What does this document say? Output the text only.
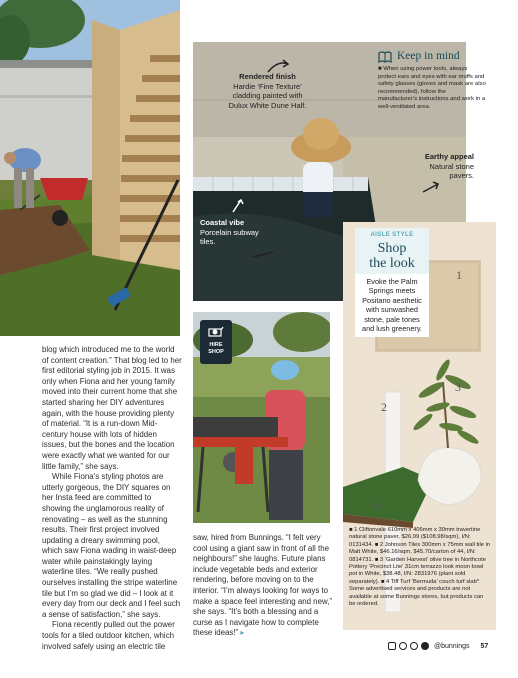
Rendered finish
Hardie ‘Fine Texture’ cladding painted with Dulux White Dune Half.
Coastal vibe
Porcelain subway tiles.
Earthy appeal
Natural stone pavers.
Keep in mind
■ When using power tools, always protect ears and eyes with ear muffs and safety glasses (gloves and mask are also recommended), follow the manufacturer’s instructions and work in a well-ventilated area.
HIRE
SHOP
1
2
3
4
AISLE STYLE
Shop
the look
Evoke the Palm Springs meets Positano aesthetic with sunwashed stone, pale tones and lush greenery.
■ 1 Cliftonvale 610mm x 406mm x 30mm travertine natural stone paver, $26.99 ($108.98/sqm), I/N: 0131434. ■ 2 Johnson Tiles 300mm x 75mm wall tile in Matt White, $46.16/sqm, $45.70/carton of 44, I/N: 0814731. ■ 3 ‘Garden Harvest’ olive tree in Northcote Pottery ‘Precinct Lite’ 31cm terrazzo look moon bowl pot in White, $38.48, I/N: 2831976 (plant sold separately). ■ 4 Tiff Turf ‘Bermuda’ couch turf slab*. Some advertised services and products are not available at some Bunnings stores, but products can be ordered.

blog which introduced me to the world of content creation.” That blog led to her first editorial styling job in 2015. It was only when Fiona and her young family moved into their current home that she started sharing her DIY adventures again, with the house providing plenty of material. “It is a run-down Mid-century house with lots of hidden issues, but the bones and the location were exactly what we wanted for our little family,” she says.

While Fiona’s styling photos are utterly gorgeous, the DIY squares on her Insta feed are committed to showing the unglamorous reality of renovating – as well as the stunning results. Their first project involved updating a dreary swimming pool, which saw Fiona wading in waist-deep water while painstakingly laying waterline tiles. “We really pushed ourselves installing the stripe waterline tile but I’m so glad we did – I look at it every day from our deck and I feel such a sense of satisfaction,” she says.

Fiona recently pulled out the power tools for a tiled outdoor kitchen, which involved safely using an electric tile

saw, hired from Bunnings. “I felt very cool using a giant saw in front of all the neighbours!” she laughs. Future plans include vegetable beds and exterior rendering, before moving on to the interior. “I’m always looking for ways to make a space feel interesting and new,” she says. “It’s both a blessing and a curse as I navigate how to complete these ideas!” ▸

@bunnings 57
